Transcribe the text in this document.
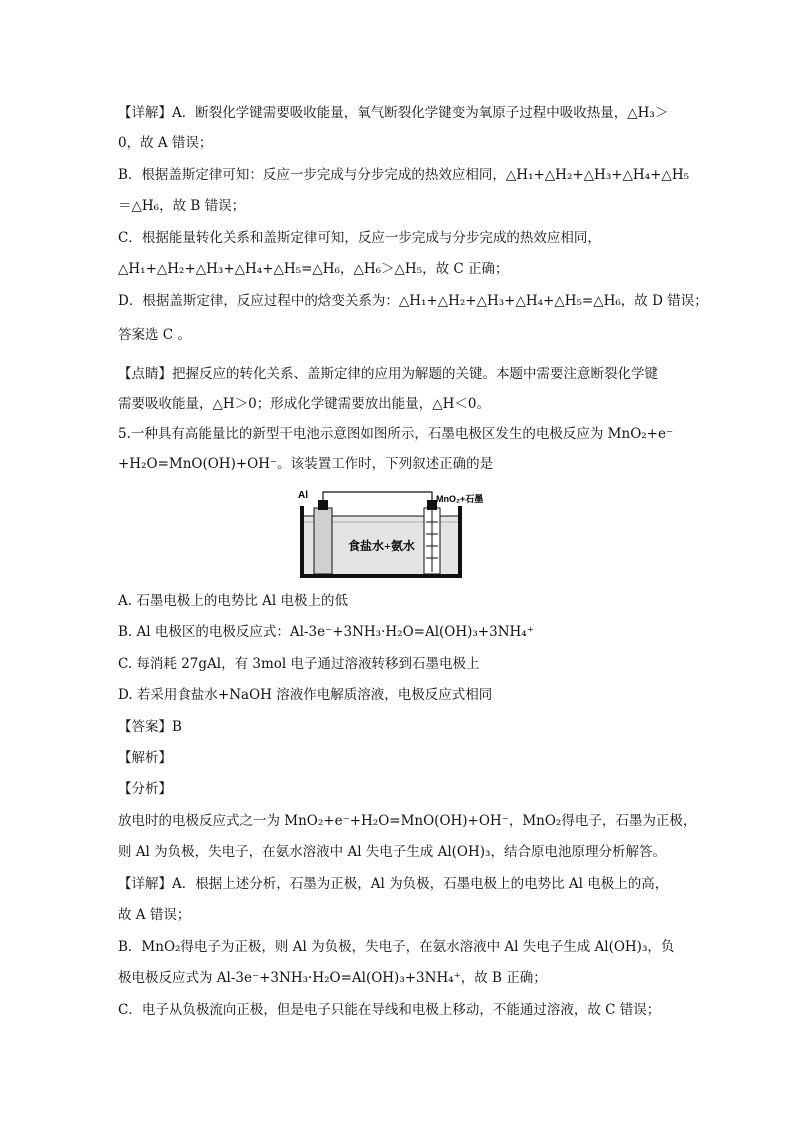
【详解】A．断裂化学键需要吸收能量，氧气断裂化学键变为氧原子过程中吸收热量，△H₃＞
0，故 A 错误；
B．根据盖斯定律可知：反应一步完成与分步完成的热效应相同，△H₁+△H₂+△H₃+△H₄+△H₅
＝△H₆，故 B 错误；
C．根据能量转化关系和盖斯定律可知，反应一步完成与分步完成的热效应相同，
△H₁+△H₂+△H₃+△H₄+△H₅=△H₆，△H₆＞△H₅，故 C 正确；
D．根据盖斯定律，反应过程中的焓变关系为：△H₁+△H₂+△H₃+△H₄+△H₅=△H₆，故 D 错误；
答案选 C 。
【点睛】把握反应的转化关系、盖斯定律的应用为解题的关键。本题中需要注意断裂化学键
需要吸收能量，△H＞0；形成化学键需要放出能量，△H＜0。
5.一种具有高能量比的新型干电池示意图如图所示，石墨电极区发生的电极反应为 MnO₂+e⁻
+H₂O=MnO(OH)+OH⁻。该装置工作时，下列叙述正确的是
Al	MnO₂+石墨
食盐水+氨水
A. 石墨电极上的电势比 Al 电极上的低
B. Al 电极区的电极反应式：Al-3e⁻+3NH₃·H₂O=Al(OH)₃+3NH₄⁺
C. 每消耗 27gAl，有 3mol 电子通过溶液转移到石墨电极上
D. 若采用食盐水+NaOH 溶液作电解质溶液，电极反应式相同
【答案】B
【解析】
【分析】
放电时的电极反应式之一为 MnO₂+e⁻+H₂O=MnO(OH)+OH⁻，MnO₂得电子，石墨为正极，
则 Al 为负极，失电子，在氨水溶液中 Al 失电子生成 Al(OH)₃，结合原电池原理分析解答。
【详解】A．根据上述分析，石墨为正极，Al 为负极，石墨电极上的电势比 Al 电极上的高，
故 A 错误；
B．MnO₂得电子为正极，则 Al 为负极，失电子，在氨水溶液中 Al 失电子生成 Al(OH)₃，负
极电极反应式为 Al-3e⁻+3NH₃·H₂O=Al(OH)₃+3NH₄⁺，故 B 正确；
C．电子从负极流向正极，但是电子只能在导线和电极上移动，不能通过溶液，故 C 错误；
